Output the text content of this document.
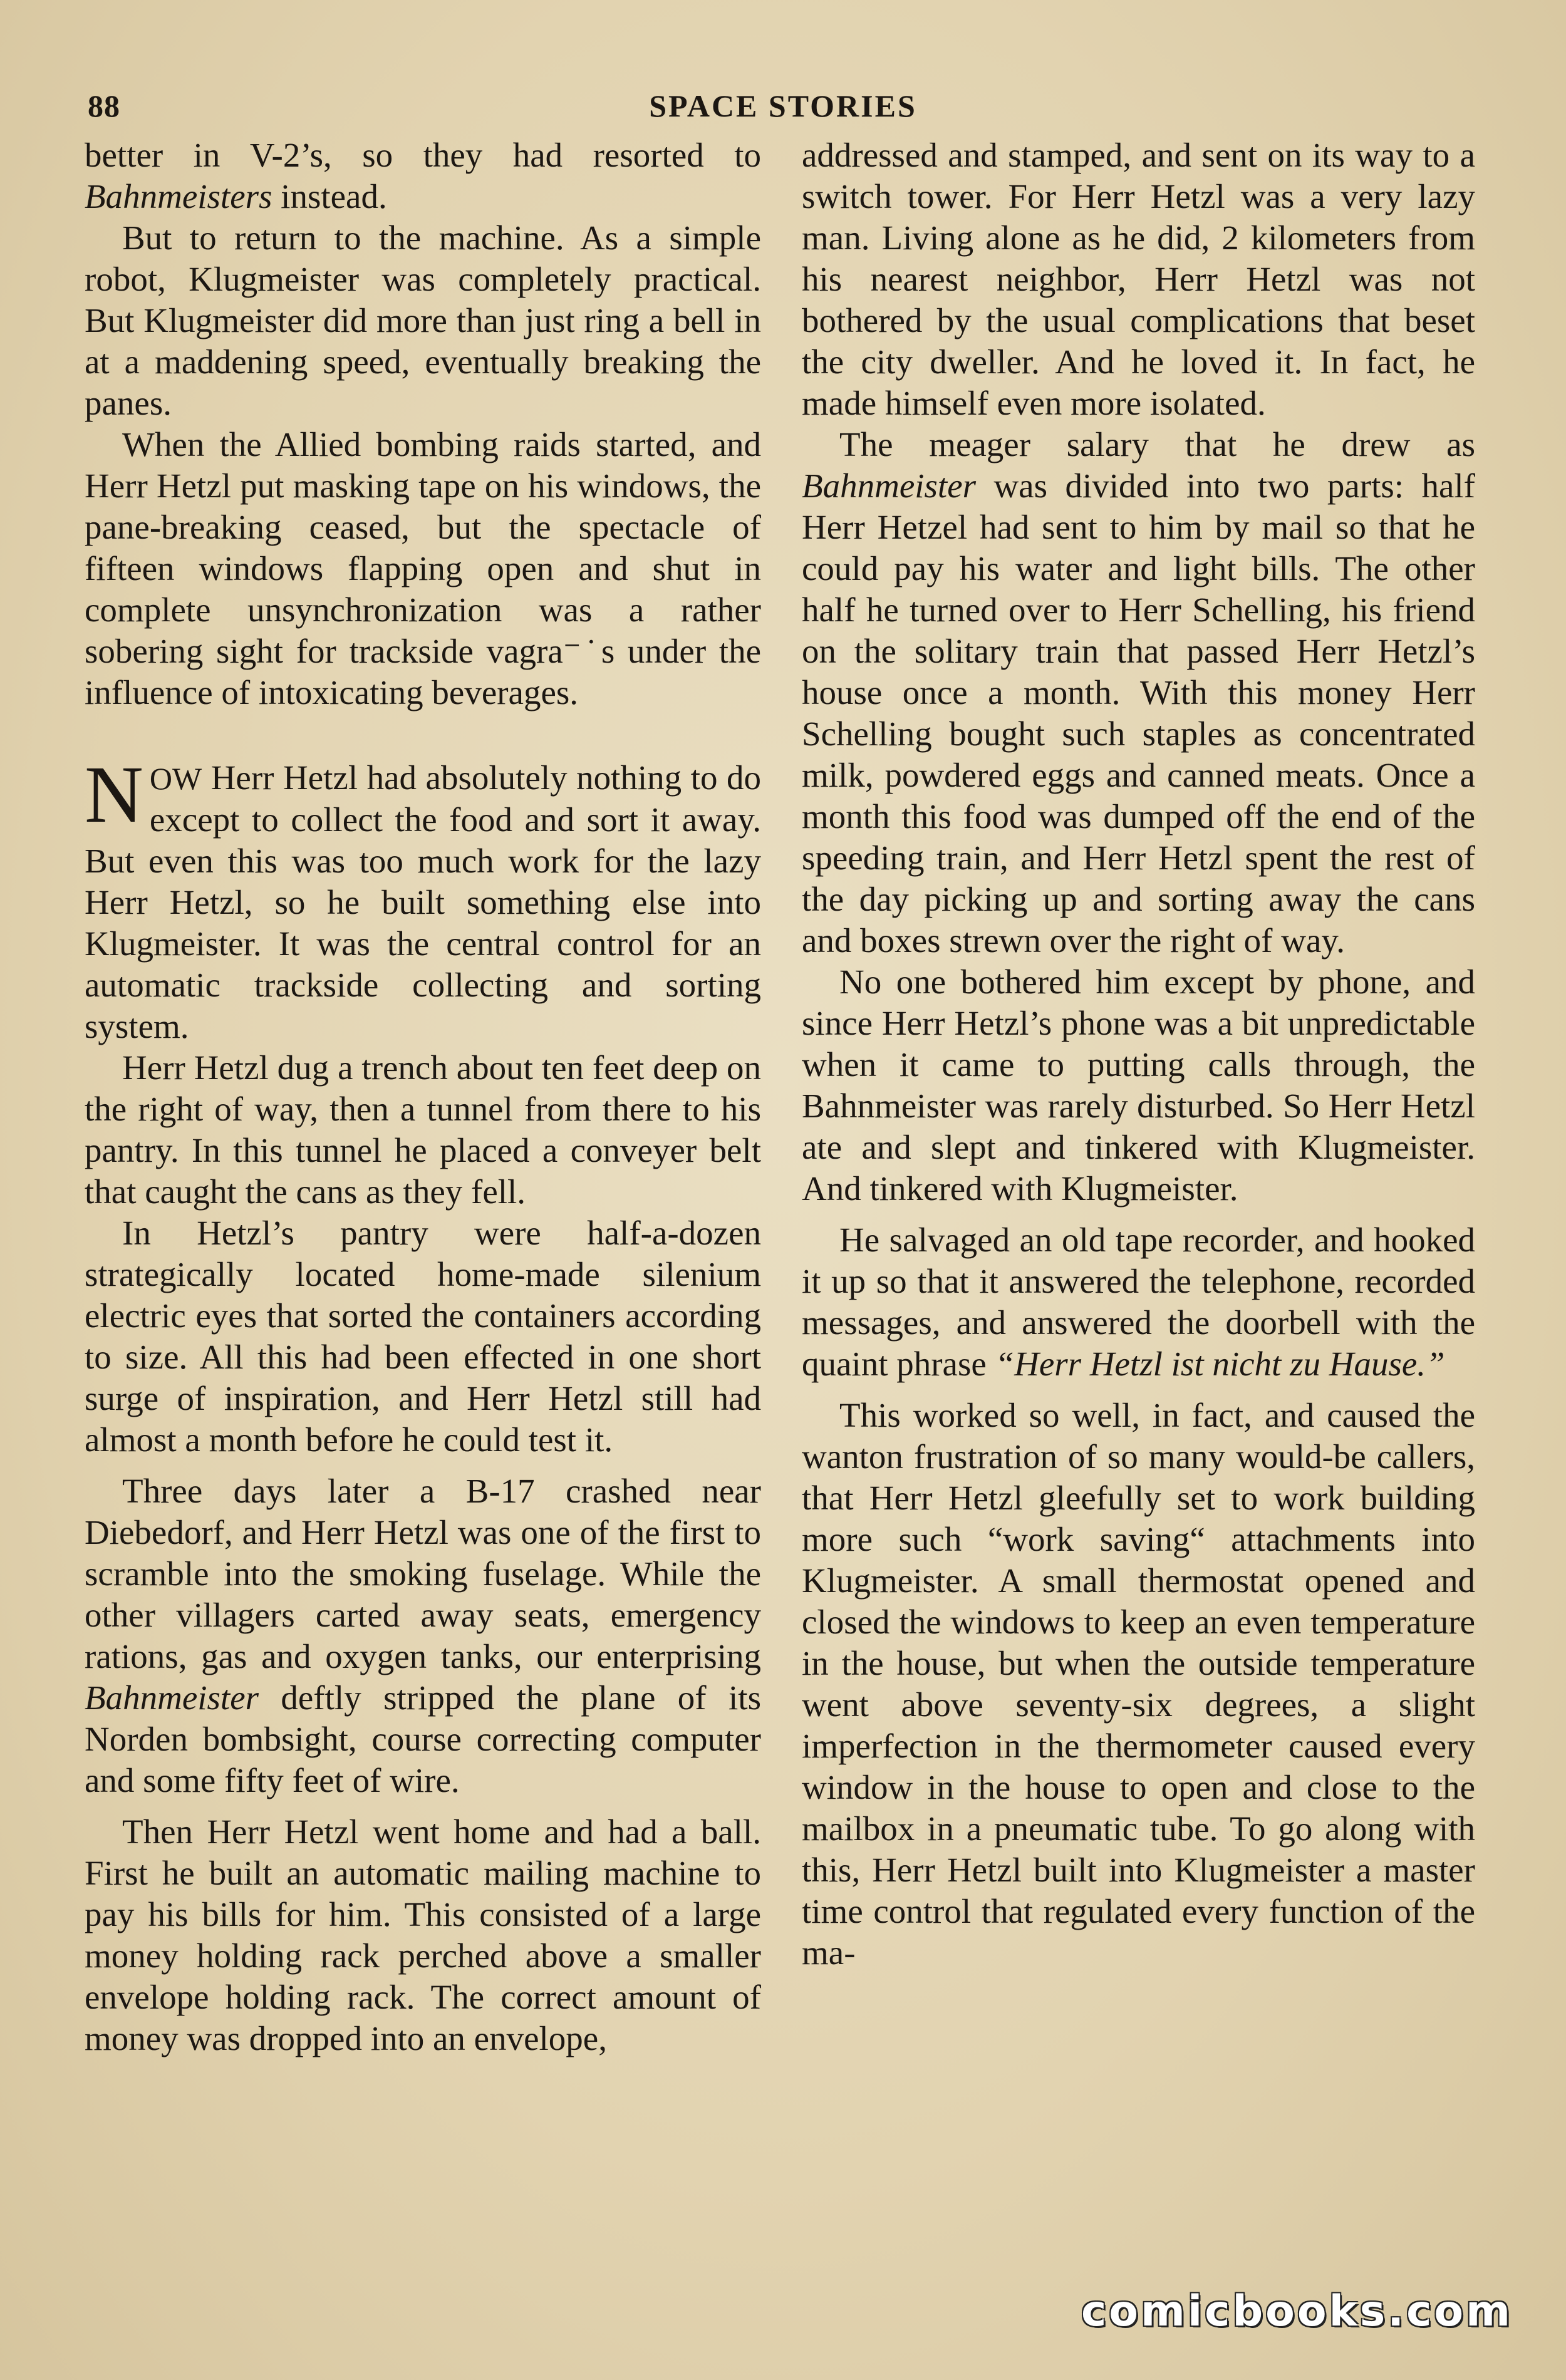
88	SPACE STORIES

better in V-2’s, so they had resorted to Bahnmeisters instead.

But to return to the machine. As a simple robot, Klugmeister was completely practical. But Klugmeister did more than just ring a bell in at a maddening speed, eventually breaking the panes.

When the Allied bombing raids started, and Herr Hetzl put masking tape on his windows, the pane-breaking ceased, but the spectacle of fifteen windows flapping open and shut in complete unsynchronization was a rather sobering sight for trackside vagra⁻˙s under the influence of intoxicating beverages.

NOW Herr Hetzl had absolutely nothing to do except to collect the food and sort it away. But even this was too much work for the lazy Herr Hetzl, so he built something else into Klugmeister. It was the central control for an automatic trackside collecting and sorting system.

Herr Hetzl dug a trench about ten feet deep on the right of way, then a tunnel from there to his pantry. In this tunnel he placed a conveyer belt that caught the cans as they fell.

In Hetzl’s pantry were half-a-dozen strategically located home-made silenium electric eyes that sorted the containers according to size. All this had been effected in one short surge of inspiration, and Herr Hetzl still had almost a month before he could test it.

Three days later a B-17 crashed near Diebedorf, and Herr Hetzl was one of the first to scramble into the smoking fuselage. While the other villagers carted away seats, emergency rations, gas and oxygen tanks, our enterprising Bahnmeister deftly stripped the plane of its Norden bombsight, course correcting computer and some fifty feet of wire.

Then Herr Hetzl went home and had a ball. First he built an automatic mailing machine to pay his bills for him. This consisted of a large money holding rack perched above a smaller envelope holding rack. The correct amount of money was dropped into an envelope,

addressed and stamped, and sent on its way to a switch tower. For Herr Hetzl was a very lazy man. Living alone as he did, 2 kilometers from his nearest neighbor, Herr Hetzl was not bothered by the usual complications that beset the city dweller. And he loved it. In fact, he made himself even more isolated.

The meager salary that he drew as Bahnmeister was divided into two parts: half Herr Hetzel had sent to him by mail so that he could pay his water and light bills. The other half he turned over to Herr Schelling, his friend on the solitary train that passed Herr Hetzl’s house once a month. With this money Herr Schelling bought such staples as concentrated milk, powdered eggs and canned meats. Once a month this food was dumped off the end of the speeding train, and Herr Hetzl spent the rest of the day picking up and sorting away the cans and boxes strewn over the right of way.

No one bothered him except by phone, and since Herr Hetzl’s phone was a bit unpredictable when it came to putting calls through, the Bahnmeister was rarely disturbed. So Herr Hetzl ate and slept and tinkered with Klugmeister. And tinkered with Klugmeister.

He salvaged an old tape recorder, and hooked it up so that it answered the telephone, recorded messages, and answered the doorbell with the quaint phrase “Herr Hetzl ist nicht zu Hause.”

This worked so well, in fact, and caused the wanton frustration of so many would-be callers, that Herr Hetzl gleefully set to work building more such “work saving“ attachments into Klugmeister. A small thermostat opened and closed the windows to keep an even temperature in the house, but when the outside temperature went above seventy-six degrees, a slight imperfection in the thermometer caused every window in the house to open and close to the mailbox in a pneumatic tube. To go along with this, Herr Hetzl built into Klugmeister a master time control that regulated every function of the ma-

comicbooks.com
